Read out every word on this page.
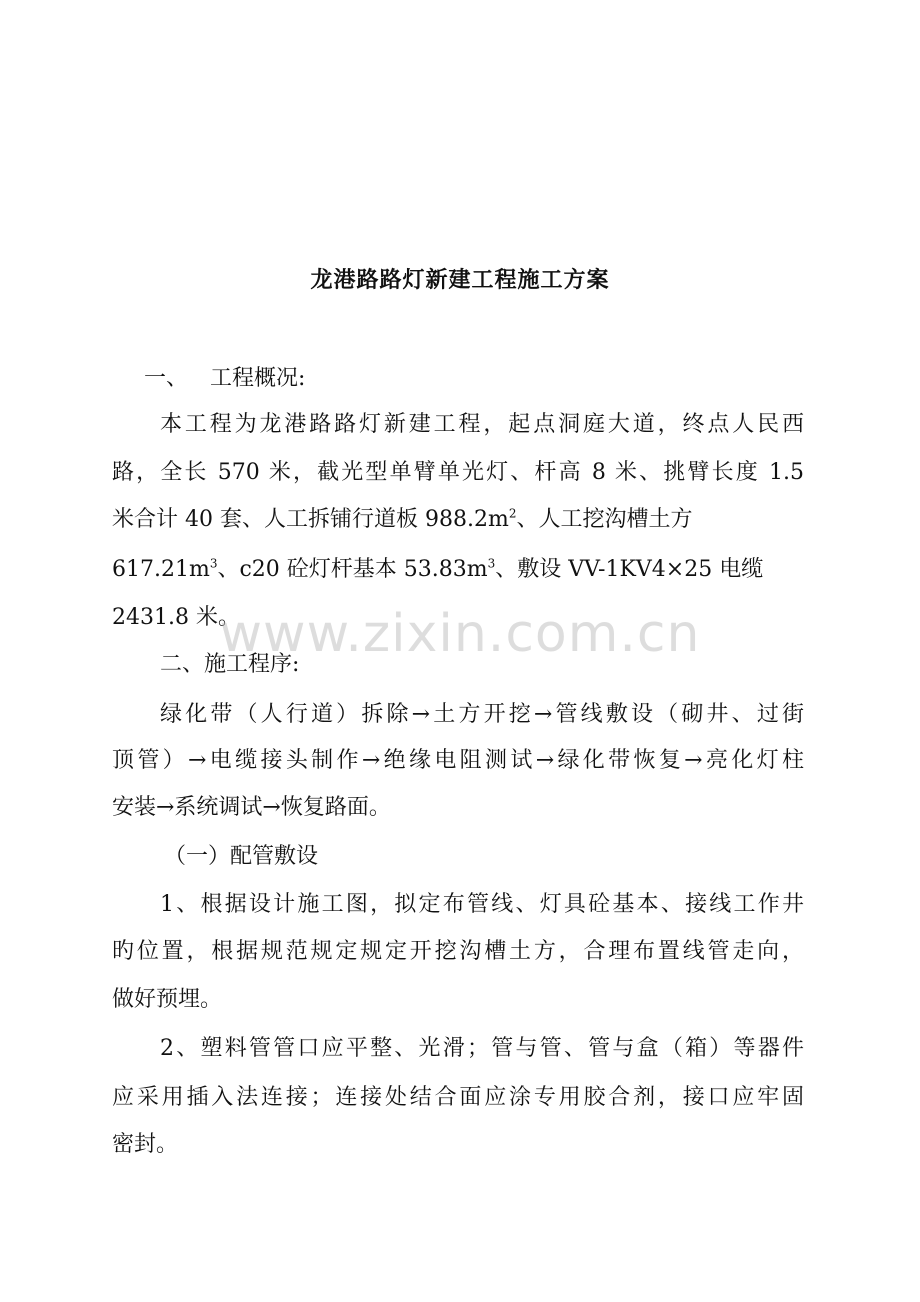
龙港路路灯新建工程施工方案
一、 工程概况:
本工程为龙港路路灯新建工程，起点洞庭大道，终点人民西
路，全长 570 米，截光型单臂单光灯、杆高 8 米、挑臂长度 1.5
米合计 40 套、人工拆铺行道板 $988.2m^2$、人工挖沟槽土方
$617.21m^3$、c20 砼灯杆基本 $53.83m^3$、敷设 VV-1KV4×25 电缆
2431.8 米。
二、施工程序:
绿化带（人行道）拆除→土方开挖→管线敷设（砌井、过街
顶管）→电缆接头制作→绝缘电阻测试→绿化带恢复→亮化灯柱
安装→系统调试→恢复路面。
（一）配管敷设
1、根据设计施工图，拟定布管线、灯具砼基本、接线工作井
旳位置，根据规范规定规定开挖沟槽土方，合理布置线管走向，
做好预埋。
2、塑料管管口应平整、光滑；管与管、管与盒（箱）等器件
应采用插入法连接；连接处结合面应涂专用胶合剂，接口应牢固
密封。
www.zixin.com.cn
